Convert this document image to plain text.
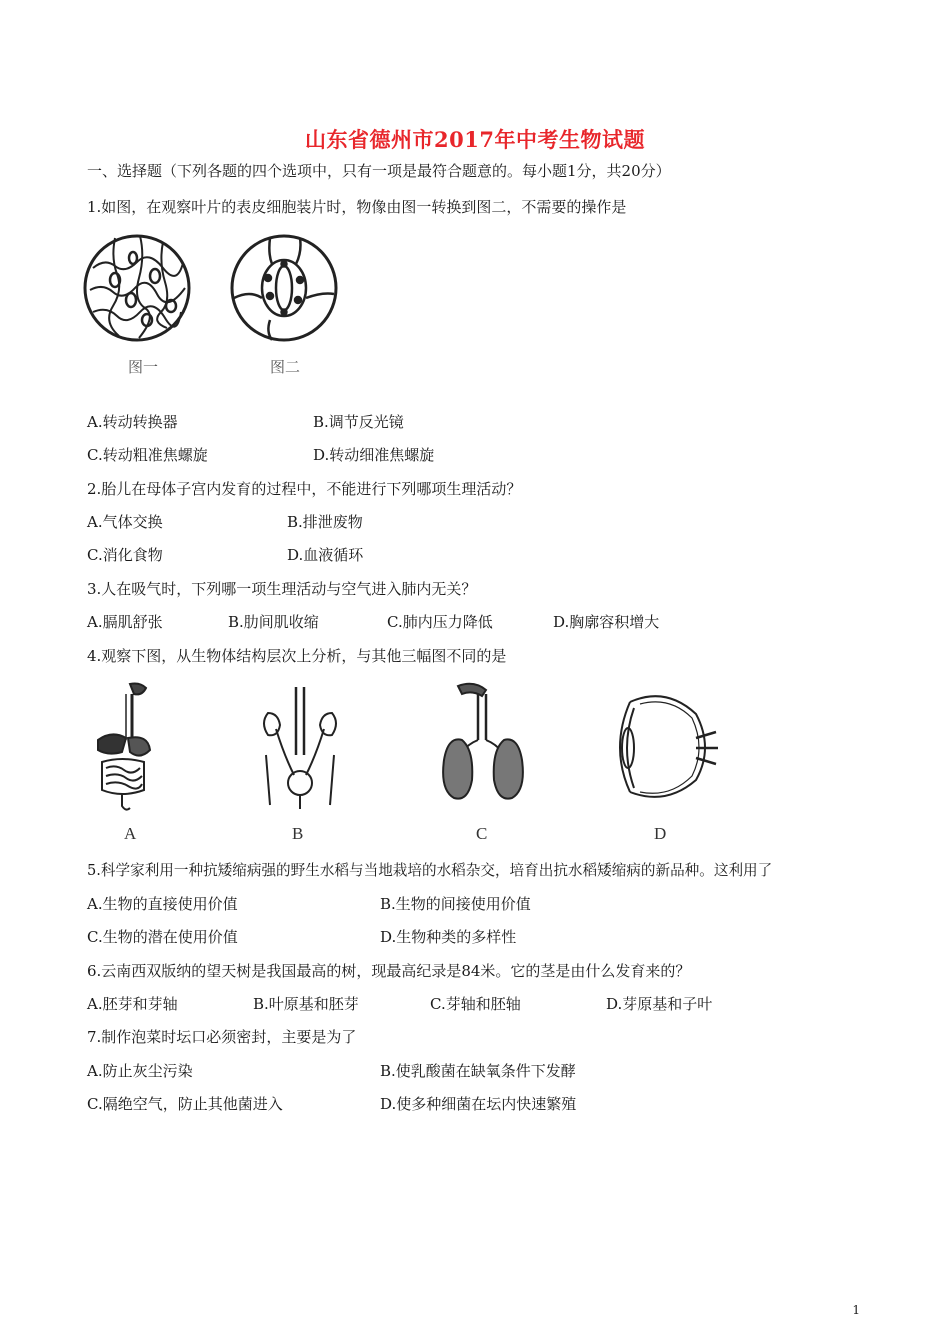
山东省德州市2017年中考生物试题
一、选择题（下列各题的四个选项中，只有一项是最符合题意的。每小题1分，共20分）
1.如图，在观察叶片的表皮细胞装片时，物像由图一转换到图二，不需要的操作是
图一	图二
A.转动转换器	B.调节反光镜
C.转动粗准焦螺旋	D.转动细准焦螺旋
2.胎儿在母体子宫内发育的过程中，不能进行下列哪项生理活动？
A.气体交换	B.排泄废物
C.消化食物	D.血液循环
3.人在吸气时，下列哪一项生理活动与空气进入肺内无关？
A.膈肌舒张	B.肋间肌收缩	C.肺内压力降低	D.胸廓容积增大
4.观察下图，从生物体结构层次上分析，与其他三幅图不同的是
A	B	C	D
5.科学家利用一种抗矮缩病强的野生水稻与当地栽培的水稻杂交，培育出抗水稻矮缩病的新品种。这利用了
A.生物的直接使用价值	B.生物的间接使用价值
C.生物的潜在使用价值	D.生物种类的多样性
6.云南西双版纳的望天树是我国最高的树，现最高纪录是84米。它的茎是由什么发育来的？
A.胚芽和芽轴	B.叶原基和胚芽	C.芽轴和胚轴	D.芽原基和子叶
7.制作泡菜时坛口必须密封，主要是为了
A.防止灰尘污染	B.使乳酸菌在缺氧条件下发酵
C.隔绝空气，防止其他菌进入	D.使多种细菌在坛内快速繁殖
1
